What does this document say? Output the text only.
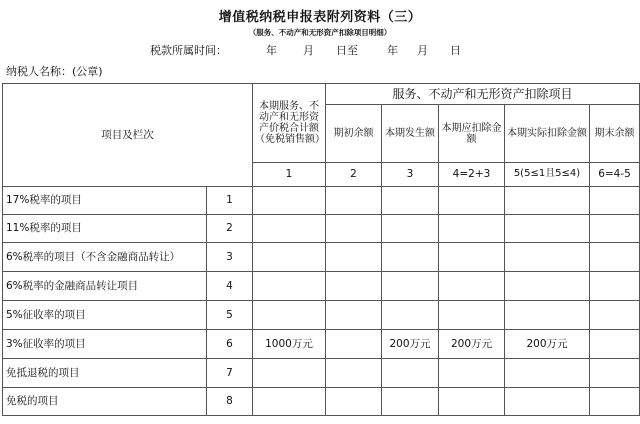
增值税纳税申报表附列资料（三）
（服务、不动产和无形资产扣除项目明细）
税款所属时间：	年 月 日至	年 月 日
纳税人名称：(公章)
项目及栏次		本期服务、不动产和无形资产价税合计额（免税销售额）	服务、不动产和无形资产扣除项目				
			期初余额	本期发生额	本期应扣除金额	本期实际扣除金额	期末余额
		1	2	3	4=2+3	5(5≤1且5≤4)	6=4-5
17%税率的项目	1						
11%税率的项目	2						
6%税率的项目（不含金融商品转让）	3						
6%税率的金融商品转让项目	4						
5%征收率的项目	5						
3%征收率的项目	6	1000万元		200万元	200万元	200万元	
免抵退税的项目	7						
免税的项目	8						
